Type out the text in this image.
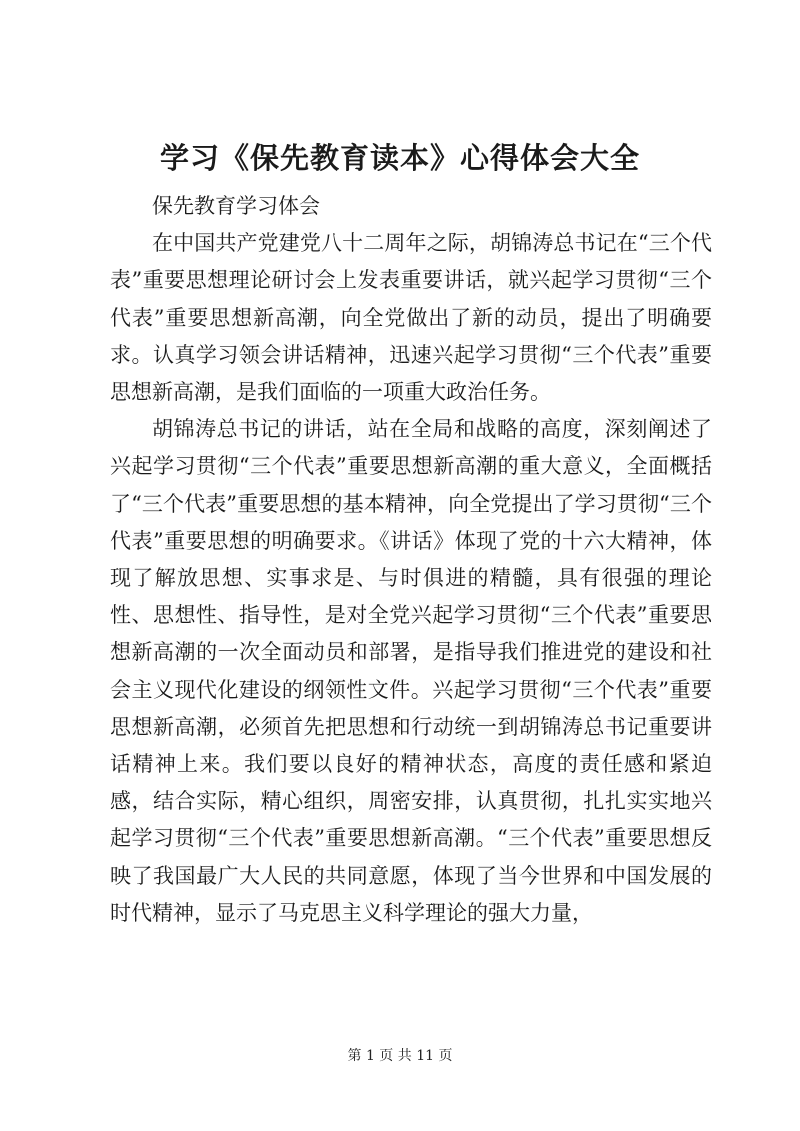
学习《保先教育读本》心得体会大全

保先教育学习体会

在中国共产党建党八十二周年之际，胡锦涛总书记在“三个代表”重要思想理论研讨会上发表重要讲话，就兴起学习贯彻“三个代表”重要思想新高潮，向全党做出了新的动员，提出了明确要求。认真学习领会讲话精神，迅速兴起学习贯彻“三个代表”重要思想新高潮，是我们面临的一项重大政治任务。

胡锦涛总书记的讲话，站在全局和战略的高度，深刻阐述了兴起学习贯彻“三个代表”重要思想新高潮的重大意义，全面概括了“三个代表”重要思想的基本精神，向全党提出了学习贯彻“三个代表”重要思想的明确要求。《讲话》体现了党的十六大精神，体现了解放思想、实事求是、与时俱进的精髓，具有很强的理论性、思想性、指导性，是对全党兴起学习贯彻“三个代表”重要思想新高潮的一次全面动员和部署，是指导我们推进党的建设和社会主义现代化建设的纲领性文件。兴起学习贯彻“三个代表”重要思想新高潮，必须首先把思想和行动统一到胡锦涛总书记重要讲话精神上来。我们要以良好的精神状态，高度的责任感和紧迫感，结合实际，精心组织，周密安排，认真贯彻，扎扎实实地兴起学习贯彻“三个代表”重要思想新高潮。“三个代表”重要思想反映了我国最广大人民的共同意愿，体现了当今世界和中国发展的时代精神，显示了马克思主义科学理论的强大力量，

第 1 页 共 11 页
